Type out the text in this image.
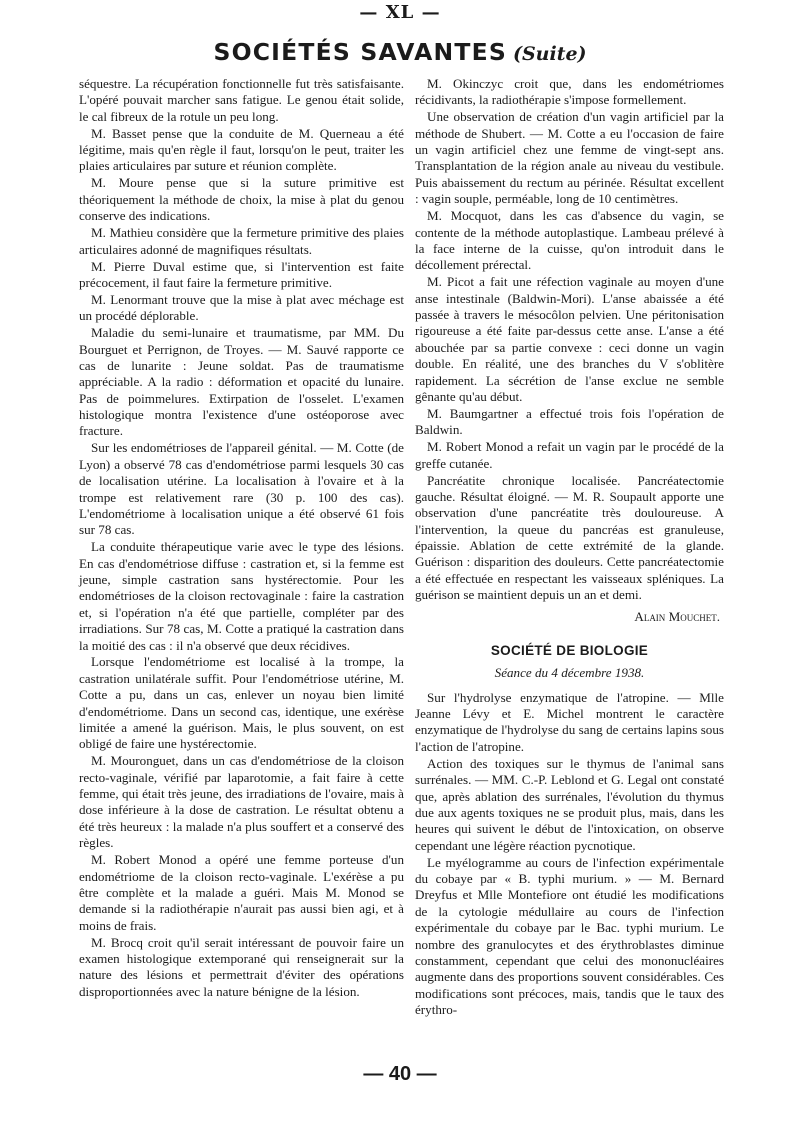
— XL —
SOCIÉTÉS SAVANTES (Suite)

séquestre. La récupération fonctionnelle fut très satisfaisante. L'opéré pouvait marcher sans fatigue. Le genou était solide, le cal fibreux de la rotule un peu long.

M. Basset pense que la conduite de M. Querneau a été légitime, mais qu'en règle il faut, lorsqu'on le peut, traiter les plaies articulaires par suture et réunion complète.

M. Moure pense que si la suture primitive est théoriquement la méthode de choix, la mise à plat du genou conserve des indications.

M. Mathieu considère que la fermeture primitive des plaies articulaires adonné de magnifiques résultats.

M. Pierre Duval estime que, si l'intervention est faite précocement, il faut faire la fermeture primitive.

M. Lenormant trouve que la mise à plat avec méchage est un procédé déplorable.

Maladie du semi-lunaire et traumatisme, par MM. Du Bourguet et Perrignon, de Troyes. — M. Sauvé rapporte ce cas de lunarite : Jeune soldat. Pas de traumatisme appréciable. A la radio : déformation et opacité du lunaire. Pas de poimmelures. Extirpation de l'osselet. L'examen histologique montra l'existence d'une ostéoporose avec fracture.

Sur les endométrioses de l'appareil génital. — M. Cotte (de Lyon) a observé 78 cas d'endométriose parmi lesquels 30 cas de localisation utérine. La localisation à l'ovaire et à la trompe est relativement rare (30 p. 100 des cas). L'endométriome à localisation unique a été observé 61 fois sur 78 cas.

La conduite thérapeutique varie avec le type des lésions. En cas d'endométriose diffuse : castration et, si la femme est jeune, simple castration sans hystérectomie. Pour les endométrioses de la cloison rectovaginale : faire la castration et, si l'opération n'a été que partielle, compléter par des irradiations. Sur 78 cas, M. Cotte a pratiqué la castration dans la moitié des cas : il n'a observé que deux récidives.

Lorsque l'endométriome est localisé à la trompe, la castration unilatérale suffit. Pour l'endométriose utérine, M. Cotte a pu, dans un cas, enlever un noyau bien limité d'endométriome. Dans un second cas, identique, une exérèse limitée a amené la guérison. Mais, le plus souvent, on est obligé de faire une hystérectomie.

M. Mouronguet, dans un cas d'endométriose de la cloison recto-vaginale, vérifié par laparotomie, a fait faire à cette femme, qui était très jeune, des irradiations de l'ovaire, mais à dose inférieure à la dose de castration. Le résultat obtenu a été très heureux : la malade n'a plus souffert et a conservé des règles.

M. Robert Monod a opéré une femme porteuse d'un endométriome de la cloison recto-vaginale. L'exérèse a pu être complète et la malade a guéri. Mais M. Monod se demande si la radiothérapie n'aurait pas aussi bien agi, et à moins de frais.

M. Brocq croit qu'il serait intéressant de pouvoir faire un examen histologique extemporané qui renseignerait sur la nature des lésions et permettrait d'éviter des opérations disproportionnées avec la nature bénigne de la lésion.

M. Okinczyc croit que, dans les endométriomes récidivants, la radiothérapie s'impose formellement.

Une observation de création d'un vagin artificiel par la méthode de Shubert. — M. Cotte a eu l'occasion de faire un vagin artificiel chez une femme de vingt-sept ans. Transplantation de la région anale au niveau du vestibule. Puis abaissement du rectum au périnée. Résultat excellent : vagin souple, perméable, long de 10 centimètres.

M. Mocquot, dans les cas d'absence du vagin, se contente de la méthode autoplastique. Lambeau prélevé à la face interne de la cuisse, qu'on introduit dans le décollement prérectal.

M. Picot a fait une réfection vaginale au moyen d'une anse intestinale (Baldwin-Mori). L'anse abaissée a été passée à travers le mésocôlon pelvien. Une péritonisation rigoureuse a été faite par-dessus cette anse. L'anse a été abouchée par sa partie convexe : ceci donne un vagin double. En réalité, une des branches du V s'oblitère rapidement. La sécrétion de l'anse exclue ne semble gênante qu'au début.

M. Baumgartner a effectué trois fois l'opération de Baldwin.

M. Robert Monod a refait un vagin par le procédé de la greffe cutanée.

Pancréatite chronique localisée. Pancréatectomie gauche. Résultat éloigné. — M. R. Soupault apporte une observation d'une pancréatite très douloureuse. A l'intervention, la queue du pancréas est granuleuse, épaissie. Ablation de cette extrémité de la glande. Guérison : disparition des douleurs. Cette pancréatectomie a été effectuée en respectant les vaisseaux spléniques. La guérison se maintient depuis un an et demi.

Alain Mouchet.
SOCIÉTÉ DE BIOLOGIE
Séance du 4 décembre 1938.

Sur l'hydrolyse enzymatique de l'atropine. — Mlle Jeanne Lévy et E. Michel montrent le caractère enzymatique de l'hydrolyse du sang de certains lapins sous l'action de l'atropine.

Action des toxiques sur le thymus de l'animal sans surrénales. — MM. C.-P. Leblond et G. Legal ont constaté que, après ablation des surrénales, l'évolution du thymus due aux agents toxiques ne se produit plus, mais, dans les heures qui suivent le début de l'intoxication, on observe cependant une légère réaction pycnotique.

Le myélogramme au cours de l'infection expérimentale du cobaye par « B. typhi murium. » — M. Bernard Dreyfus et Mlle Montefiore ont étudié les modifications de la cytologie médullaire au cours de l'infection expérimentale du cobaye par le Bac. typhi murium. Le nombre des granulocytes et des érythroblastes diminue constamment, cependant que celui des mononucléaires augmente dans des proportions souvent considérables. Ces modifications sont précoces, mais, tandis que le taux des érythro-

— 40 —
